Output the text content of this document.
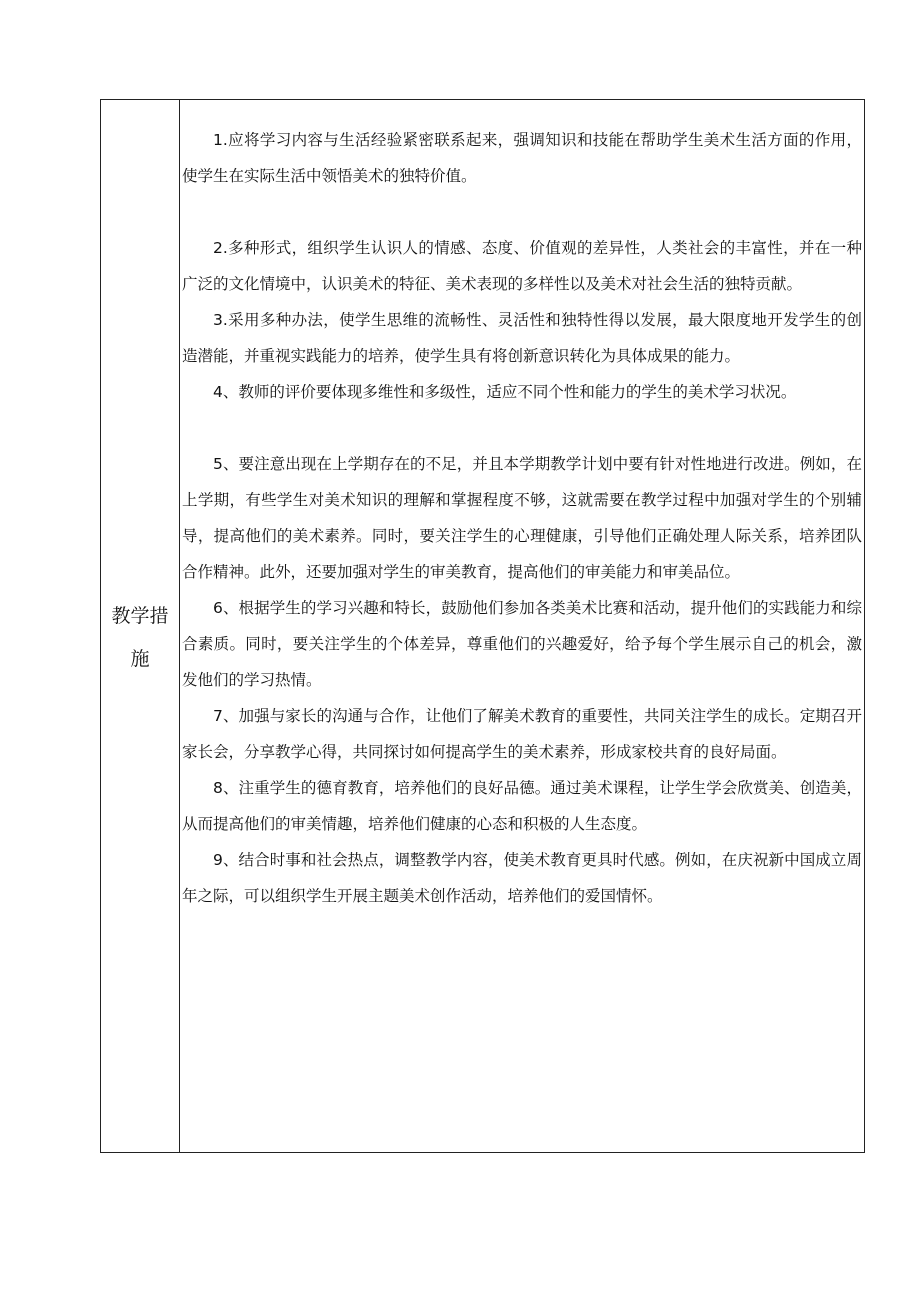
教学措施

1.应将学习内容与生活经验紧密联系起来，强调知识和技能在帮助学生美术生活方面的作用，使学生在实际生活中领悟美术的独特价值。

2.多种形式，组织学生认识人的情感、态度、价值观的差异性，人类社会的丰富性，并在一种广泛的文化情境中，认识美术的特征、美术表现的多样性以及美术对社会生活的独特贡献。

3.采用多种办法，使学生思维的流畅性、灵活性和独特性得以发展，最大限度地开发学生的创造潜能，并重视实践能力的培养，使学生具有将创新意识转化为具体成果的能力。

4、教师的评价要体现多维性和多级性，适应不同个性和能力的学生的美术学习状况。

5、要注意出现在上学期存在的不足，并且本学期教学计划中要有针对性地进行改进。例如，在上学期，有些学生对美术知识的理解和掌握程度不够，这就需要在教学过程中加强对学生的个别辅导，提高他们的美术素养。同时，要关注学生的心理健康，引导他们正确处理人际关系，培养团队合作精神。此外，还要加强对学生的审美教育，提高他们的审美能力和审美品位。

6、根据学生的学习兴趣和特长，鼓励他们参加各类美术比赛和活动，提升他们的实践能力和综合素质。同时，要关注学生的个体差异，尊重他们的兴趣爱好，给予每个学生展示自己的机会，激发他们的学习热情。

7、加强与家长的沟通与合作，让他们了解美术教育的重要性，共同关注学生的成长。定期召开家长会，分享教学心得，共同探讨如何提高学生的美术素养，形成家校共育的良好局面。

8、注重学生的德育教育，培养他们的良好品德。通过美术课程，让学生学会欣赏美、创造美，从而提高他们的审美情趣，培养他们健康的心态和积极的人生态度。

9、结合时事和社会热点，调整教学内容，使美术教育更具时代感。例如，在庆祝新中国成立周年之际，可以组织学生开展主题美术创作活动，培养他们的爱国情怀。
